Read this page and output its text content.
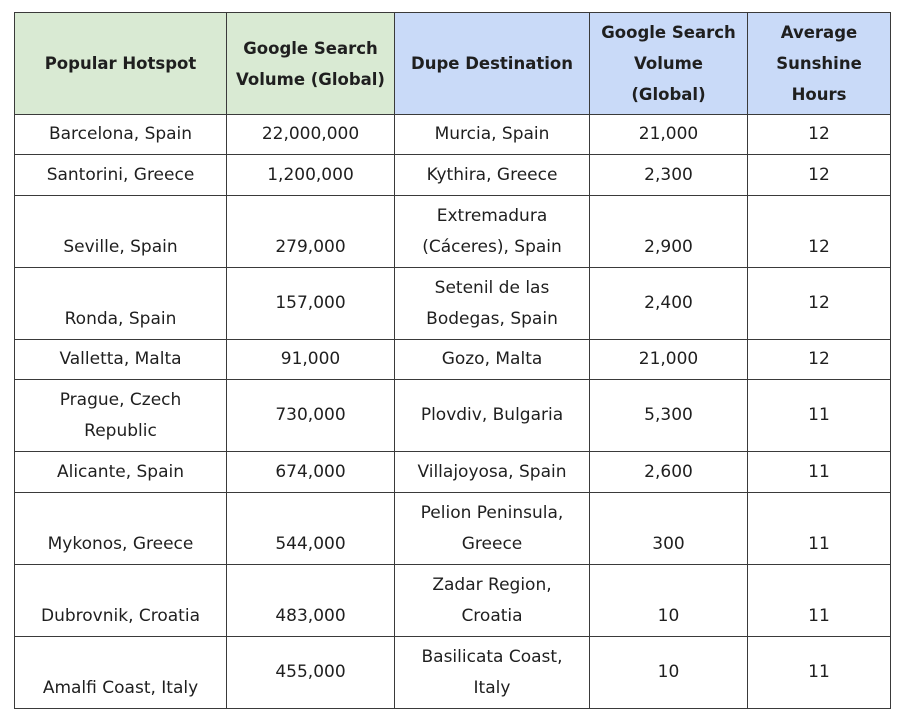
Popular Hotspot	Google Search Volume (Global)	Dupe Destination	Google Search Volume (Global)	Average Sunshine Hours
Barcelona, Spain	22,000,000	Murcia, Spain	21,000	12
Santorini, Greece	1,200,000	Kythira, Greece	2,300	12
Seville, Spain	279,000	Extremadura (Cáceres), Spain	2,900	12
Ronda, Spain	157,000	Setenil de las Bodegas, Spain	2,400	12
Valletta, Malta	91,000	Gozo, Malta	21,000	12
Prague, Czech Republic	730,000	Plovdiv, Bulgaria	5,300	11
Alicante, Spain	674,000	Villajoyosa, Spain	2,600	11
Mykonos, Greece	544,000	Pelion Peninsula, Greece	300	11
Dubrovnik, Croatia	483,000	Zadar Region, Croatia	10	11
Amalfi Coast, Italy	455,000	Basilicata Coast, Italy	10	11
